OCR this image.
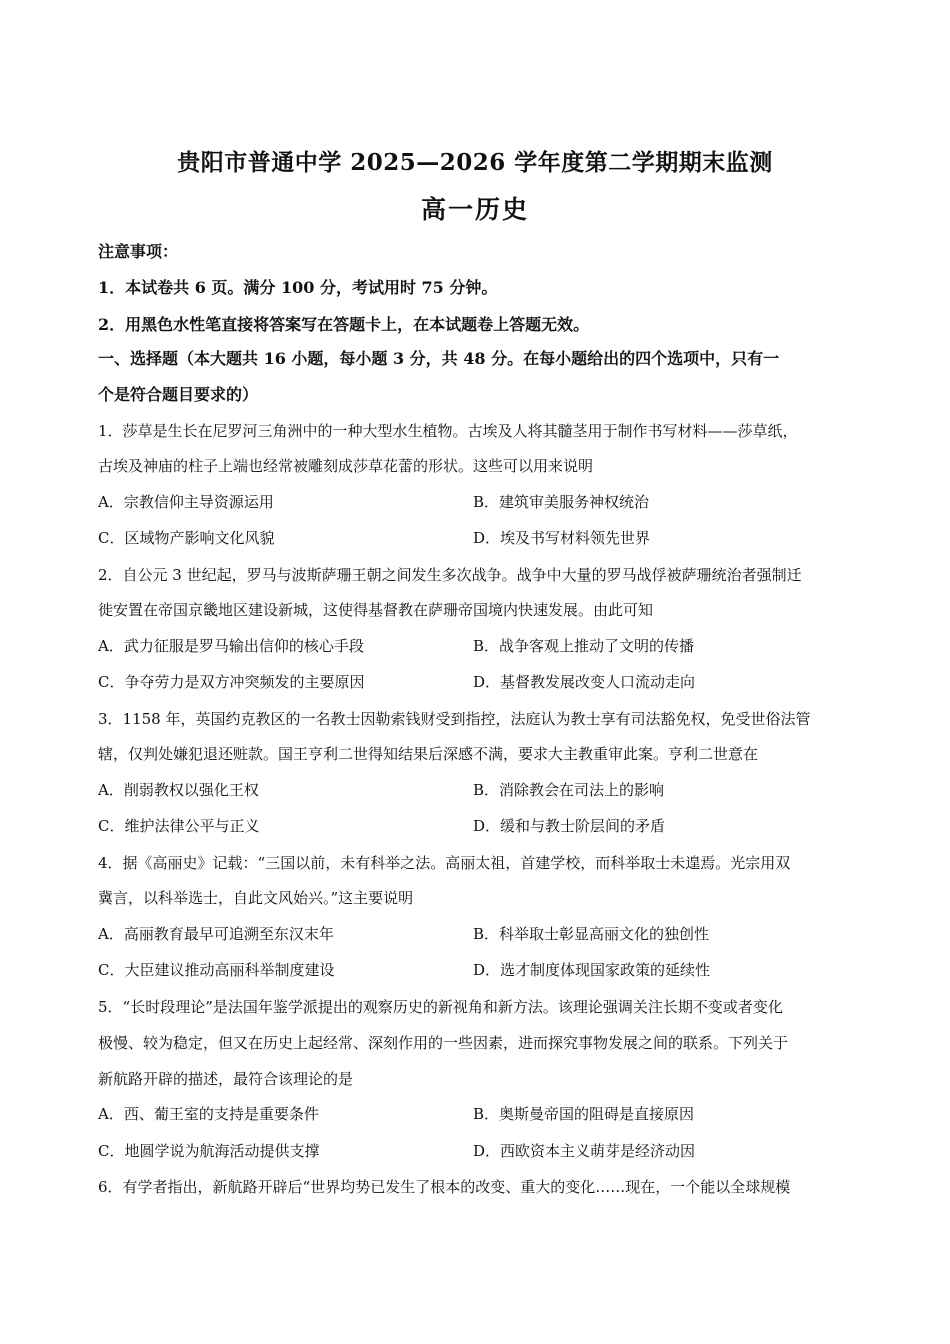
贵阳市普通中学 2025—2026 学年度第二学期期末监测
高一历史
注意事项：
1．本试卷共 6 页。满分 100 分，考试用时 75 分钟。
2．用黑色水性笔直接将答案写在答题卡上，在本试题卷上答题无效。
一、选择题（本大题共 16 小题，每小题 3 分，共 48 分。在每小题给出的四个选项中，只有一
个是符合题目要求的）
1．莎草是生长在尼罗河三角洲中的一种大型水生植物。古埃及人将其髓茎用于制作书写材料——莎草纸，
古埃及神庙的柱子上端也经常被雕刻成莎草花蕾的形状。这些可以用来说明
A．宗教信仰主导资源运用	B．建筑审美服务神权统治
C．区域物产影响文化风貌	D．埃及书写材料领先世界
2．自公元 3 世纪起，罗马与波斯萨珊王朝之间发生多次战争。战争中大量的罗马战俘被萨珊统治者强制迁
徙安置在帝国京畿地区建设新城，这使得基督教在萨珊帝国境内快速发展。由此可知
A．武力征服是罗马输出信仰的核心手段	B．战争客观上推动了文明的传播
C．争夺劳力是双方冲突频发的主要原因	D．基督教发展改变人口流动走向
3．1158 年，英国约克教区的一名教士因勒索钱财受到指控，法庭认为教士享有司法豁免权，免受世俗法管
辖，仅判处嫌犯退还赃款。国王亨利二世得知结果后深感不满，要求大主教重审此案。亨利二世意在
A．削弱教权以强化王权	B．消除教会在司法上的影响
C．维护法律公平与正义	D．缓和与教士阶层间的矛盾
4．据《高丽史》记载：“三国以前，未有科举之法。高丽太祖，首建学校，而科举取士未遑焉。光宗用双
冀言，以科举选士，自此文风始兴。”这主要说明
A．高丽教育最早可追溯至东汉末年	B．科举取士彰显高丽文化的独创性
C．大臣建议推动高丽科举制度建设	D．选才制度体现国家政策的延续性
5．“长时段理论”是法国年鉴学派提出的观察历史的新视角和新方法。该理论强调关注长期不变或者变化
极慢、较为稳定，但又在历史上起经常、深刻作用的一些因素，进而探究事物发展之间的联系。下列关于
新航路开辟的描述，最符合该理论的是
A．西、葡王室的支持是重要条件	B．奥斯曼帝国的阻碍是直接原因
C．地圆学说为航海活动提供支撑	D．西欧资本主义萌芽是经济动因
6．有学者指出，新航路开辟后“世界均势已发生了根本的改变、重大的变化……现在，一个能以全球规模
